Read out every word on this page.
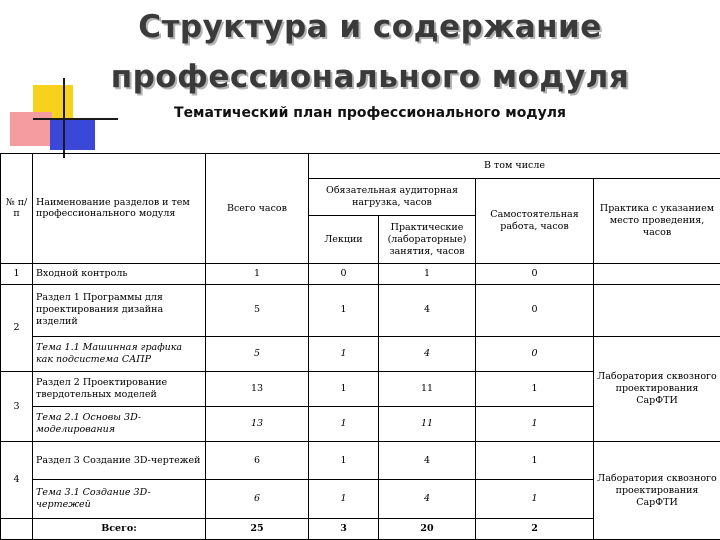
Структура и содержание
профессионального модуля
Тематический план профессионального модуля
№ п/п	Наименование разделов и тем профессионального модуля	Всего часов	В том числе			
			Обязательная аудиторная нагрузка, часов		Самостоятельная работа, часов	Практика с указанием место проведения, часов
			Лекции	Практические (лабораторные) занятия, часов		
1	Входной контроль	1	0	1	0	
2	Раздел 1 Программы для проектирования дизайна изделий	5	1	4	0	
	Тема 1.1 Машинная графика как подсистема САПР	5	1	4	0	Лаборатория сквозного проектирования СарФТИ
3	Раздел 2 Проектирование твердотельных моделей	13	1	11	1	
	Тема 2.1 Основы 3D-моделирования	13	1	11	1	
4	Раздел 3 Создание 3D-чертежей	6	1	4	1	Лаборатория сквозного проектирования СарФТИ
	Тема 3.1 Создание 3D-чертежей	6	1	4	1	
	Всего:	25	3	20	2	
